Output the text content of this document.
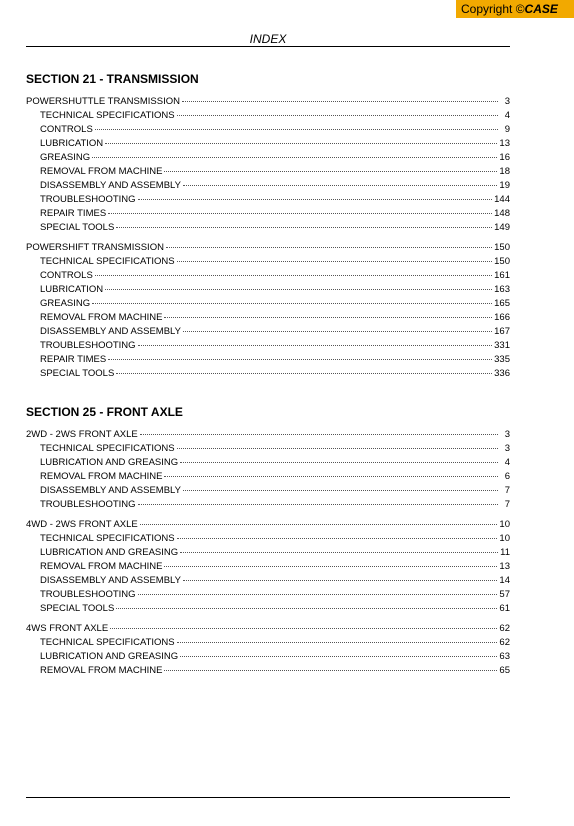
Copyright ©CASE
INDEX
SECTION 21 - TRANSMISSION
POWERSHUTTLE TRANSMISSION	3
TECHNICAL SPECIFICATIONS	4
CONTROLS	9
LUBRICATION	13
GREASING	16
REMOVAL FROM MACHINE	18
DISASSEMBLY AND ASSEMBLY	19
TROUBLESHOOTING	144
REPAIR TIMES	148
SPECIAL TOOLS	149
POWERSHIFT TRANSMISSION	150
TECHNICAL SPECIFICATIONS	150
CONTROLS	161
LUBRICATION	163
GREASING	165
REMOVAL FROM MACHINE	166
DISASSEMBLY AND ASSEMBLY	167
TROUBLESHOOTING	331
REPAIR TIMES	335
SPECIAL TOOLS	336
SECTION 25 - FRONT AXLE
2WD - 2WS FRONT AXLE	3
TECHNICAL SPECIFICATIONS	3
LUBRICATION AND GREASING	4
REMOVAL FROM MACHINE	6
DISASSEMBLY AND ASSEMBLY	7
TROUBLESHOOTING	7
4WD - 2WS FRONT AXLE	10
TECHNICAL SPECIFICATIONS	10
LUBRICATION AND GREASING	11
REMOVAL FROM MACHINE	13
DISASSEMBLY AND ASSEMBLY	14
TROUBLESHOOTING	57
SPECIAL TOOLS	61
4WS FRONT AXLE	62
TECHNICAL SPECIFICATIONS	62
LUBRICATION AND GREASING	63
REMOVAL FROM MACHINE	65
